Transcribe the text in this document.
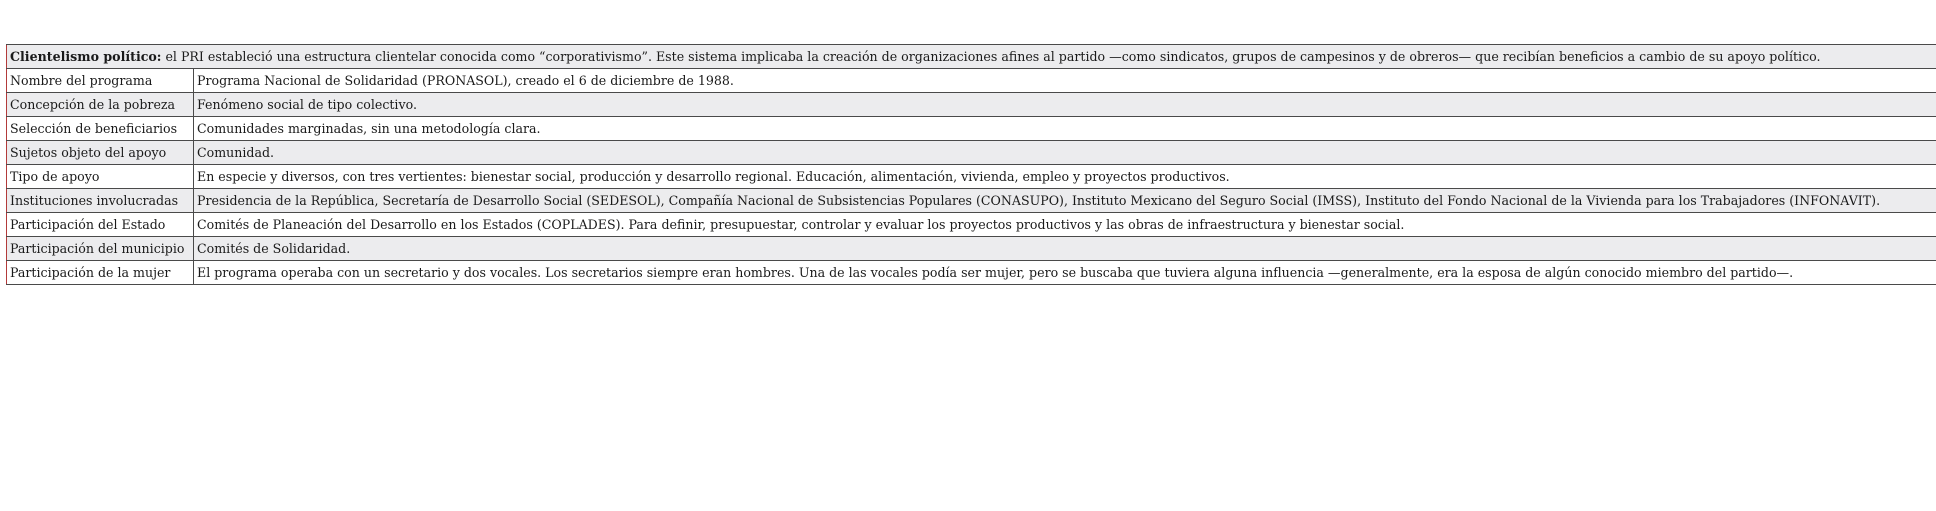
Clientelismo político: el PRI estableció una estructura clientelar conocida como “corporativismo”. Este sistema implicaba la creación de organizaciones afines al partido —como sindicatos, grupos de campesinos y de obreros— que recibían beneficios a cambio de su apoyo político.	
Nombre del programa	Programa Nacional de Solidaridad (PRONASOL), creado el 6 de diciembre de 1988.
Concepción de la pobreza	Fenómeno social de tipo colectivo.
Selección de beneficiarios	Comunidades marginadas, sin una metodología clara.
Sujetos objeto del apoyo	Comunidad.
Tipo de apoyo	En especie y diversos, con tres vertientes: bienestar social, producción y desarrollo regional. Educación, alimentación, vivienda, empleo y proyectos productivos.
Instituciones involucradas	Presidencia de la República, Secretaría de Desarrollo Social (SEDESOL), Compañía Nacional de Subsistencias Populares (CONASUPO), Instituto Mexicano del Seguro Social (IMSS), Instituto del Fondo Nacional de la Vivienda para los Trabajadores (INFONAVIT).
Participación del Estado	Comités de Planeación del Desarrollo en los Estados (COPLADES). Para definir, presupuestar, controlar y evaluar los proyectos productivos y las obras de infraestructura y bienestar social.
Participación del municipio	Comités de Solidaridad.
Participación de la mujer	El programa operaba con un secretario y dos vocales. Los secretarios siempre eran hombres. Una de las vocales podía ser mujer, pero se buscaba que tuviera alguna influencia —generalmente, era la esposa de algún conocido miembro del partido—.
